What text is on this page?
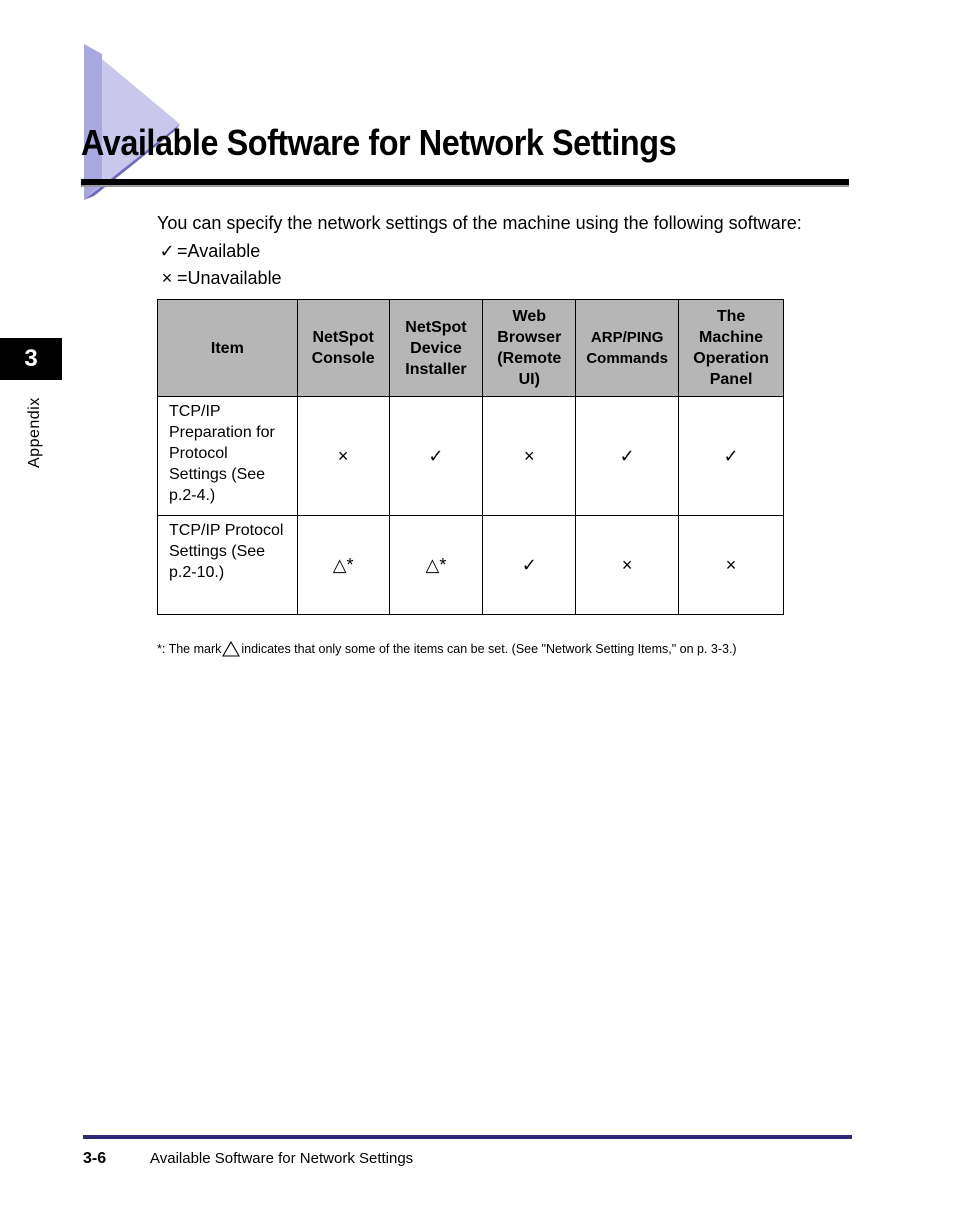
Available Software for Network Settings
You can specify the network settings of the machine using the following software:
✓ =Available
× =Unavailable
Item	NetSpot Console	NetSpot Device Installer	Web Browser (Remote UI)	ARP/PING Commands	The Machine Operation Panel
TCP/IP Preparation for Protocol Settings (See p.2-4.)	×	✓	×	✓	✓
TCP/IP Protocol Settings (See p.2-10.)	△*	△*	✓	×	×
*: The mark indicates that only some of the items can be set. (See "Network Setting Items," on p. 3-3.)
3
Appendix
3-6	Available Software for Network Settings
